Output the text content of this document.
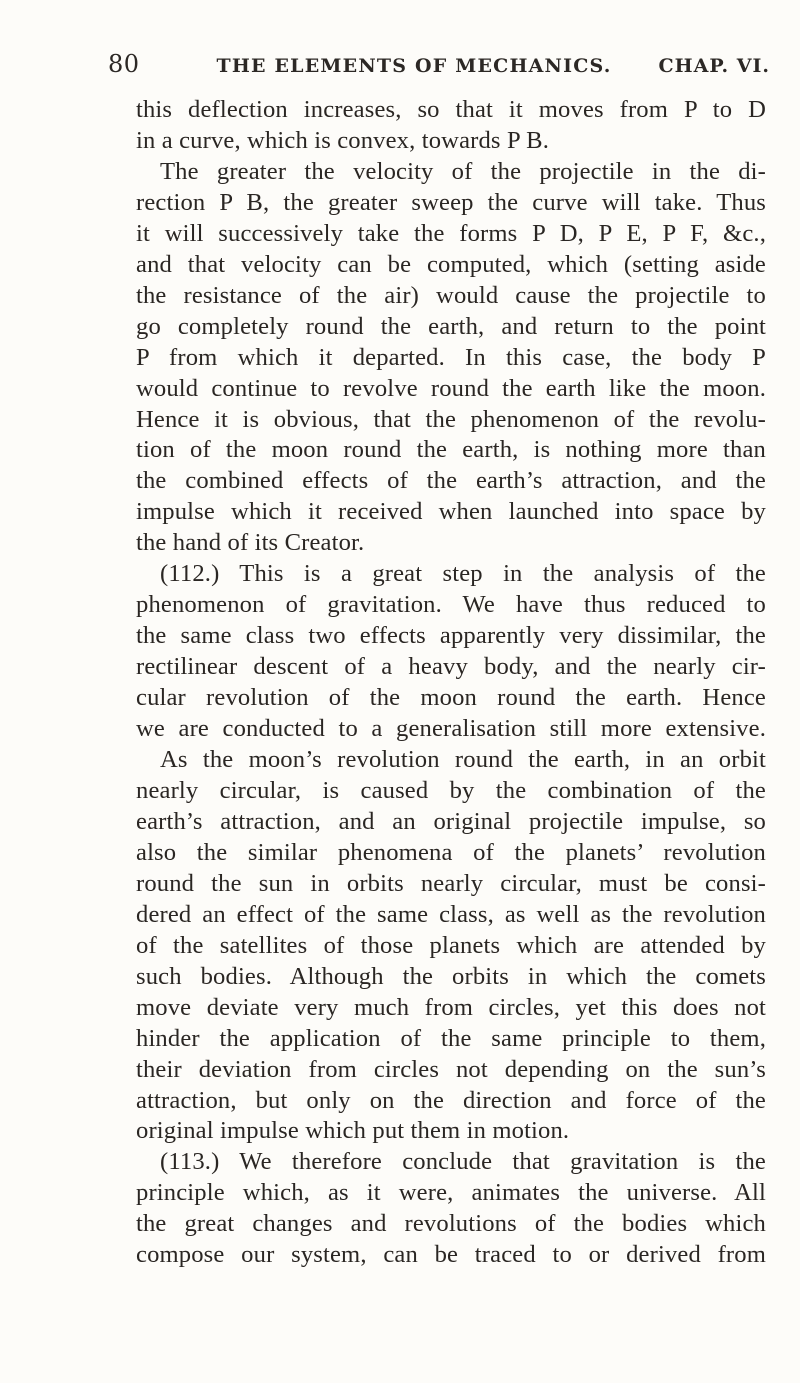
80	THE ELEMENTS OF MECHANICS. CHAP. VI.

this deflection increases, so that it moves from P to D

in a curve, which is convex, towards P B.

The greater the velocity of the projectile in the di-

rection P B, the greater sweep the curve will take. Thus

it will successively take the forms P D, P E, P F, &c.,

and that velocity can be computed, which (setting aside

the resistance of the air) would cause the projectile to

go completely round the earth, and return to the point

P from which it departed. In this case, the body P

would continue to revolve round the earth like the moon.

Hence it is obvious, that the phenomenon of the revolu-

tion of the moon round the earth, is nothing more than

the combined effects of the earth’s attraction, and the

impulse which it received when launched into space by

the hand of its Creator.

(112.) This is a great step in the analysis of the

phenomenon of gravitation. We have thus reduced to

the same class two effects apparently very dissimilar, the

rectilinear descent of a heavy body, and the nearly cir-

cular revolution of the moon round the earth. Hence

we are conducted to a generalisation still more extensive.

As the moon’s revolution round the earth, in an orbit

nearly circular, is caused by the combination of the

earth’s attraction, and an original projectile impulse, so

also the similar phenomena of the planets’ revolution

round the sun in orbits nearly circular, must be consi-

dered an effect of the same class, as well as the revolution

of the satellites of those planets which are attended by

such bodies. Although the orbits in which the comets

move deviate very much from circles, yet this does not

hinder the application of the same principle to them,

their deviation from circles not depending on the sun’s

attraction, but only on the direction and force of the

original impulse which put them in motion.

(113.) We therefore conclude that gravitation is the

principle which, as it were, animates the universe. All

the great changes and revolutions of the bodies which

compose our system, can be traced to or derived from
